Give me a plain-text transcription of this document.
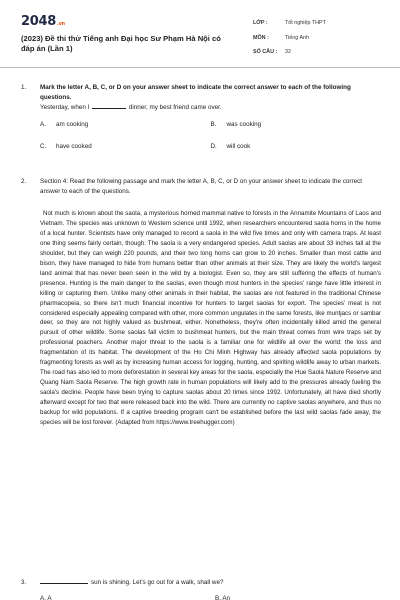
2048.vn
(2023) Đề thi thử Tiếng anh Đại học Sư Phạm Hà Nội có đáp án (Lần 1)
LỚP :	Tốt nghiệp THPT
MÔN :	Tiếng Anh
SỐ CÂU :	32
1.	Mark the letter A, B, C, or D on your answer sheet to indicate the correct answer to each of the following questions.
Yesterday, when I	dinner, my best friend came over.
A.	am cooking	B.	was cooking
C.	have cooked	D.	will cook
2.	Section 4: Read the following passage and mark the letter A, B, C, or D on your answer sheet to indicate the correct answer to each of the questions.
Not much is known about the saola, a mysterious horned mammal native to forests in the Annamite Mountains of Laos and Vietnam. The species was unknown to Western science until 1992, when researchers encountered saola horns in the home of a local hunter. Scientists have only managed to record a saola in the wild five times and only with camera traps. At least one thing seems fairly certain, though: The saola is a very endangered species. Adult saolas are about 33 inches tall at the shoulder, but they can weigh 220 pounds, and their two long horns can grow to 20 inches. Smaller than most cattle and bison, they have managed to hide from humans better than other animals at their size. They are likely the world's largest land animal that has never been seen in the wild by a biologist. Even so, they are still suffering the effects of human's presence. Hunting is the main danger to the saolas, even though most hunters in the species' range have little interest in killing or capturing them. Unlike many other animals in their habitat, the saolas are not featured in the traditional Chinese pharmacopeia, so there isn't much financial incentive for hunters to target saolas for export. The species' meat is not considered especially appealing compared with other, more common ungulates in the same forests, like muntjacs or sambar deer, so they are not highly valued as bushmeat, either. Nonetheless, they're often incidentally killed amid the general pursuit of other wildlife. Some saolas fall victim to bushmeat hunters, but the main threat comes from wire traps set by professional poachers. Another major threat to the saola is a familiar one for wildlife all over the world: the loss and fragmentation of its habitat. The development of the Ho Chi Minh Highway has already affected saola populations by fragmenting forests as well as by increasing human access for logging, hunting, and spiriting wildlife away to urban markets. The road has also led to more deforestation in several key areas for the saola, especially the Hue Saola Nature Reserve and Quang Nam Saola Reserve. The high growth rate in human populations will likely add to the pressures already fueling the saola's decline. People have been trying to capture saolas about 20 times since 1992. Unfortunately, all have died shortly afterward except for two that were released back into the wild. There are currently no captive saolas anywhere, and thus no backup for wild populations. If a captive breeding program can't be established before the last wild saolas fade away, the species will be lost forever. (Adapted from https://www.treehugger.com)
3.	sun is shining. Let's go out for a walk, shall we?
A. A	B. An
